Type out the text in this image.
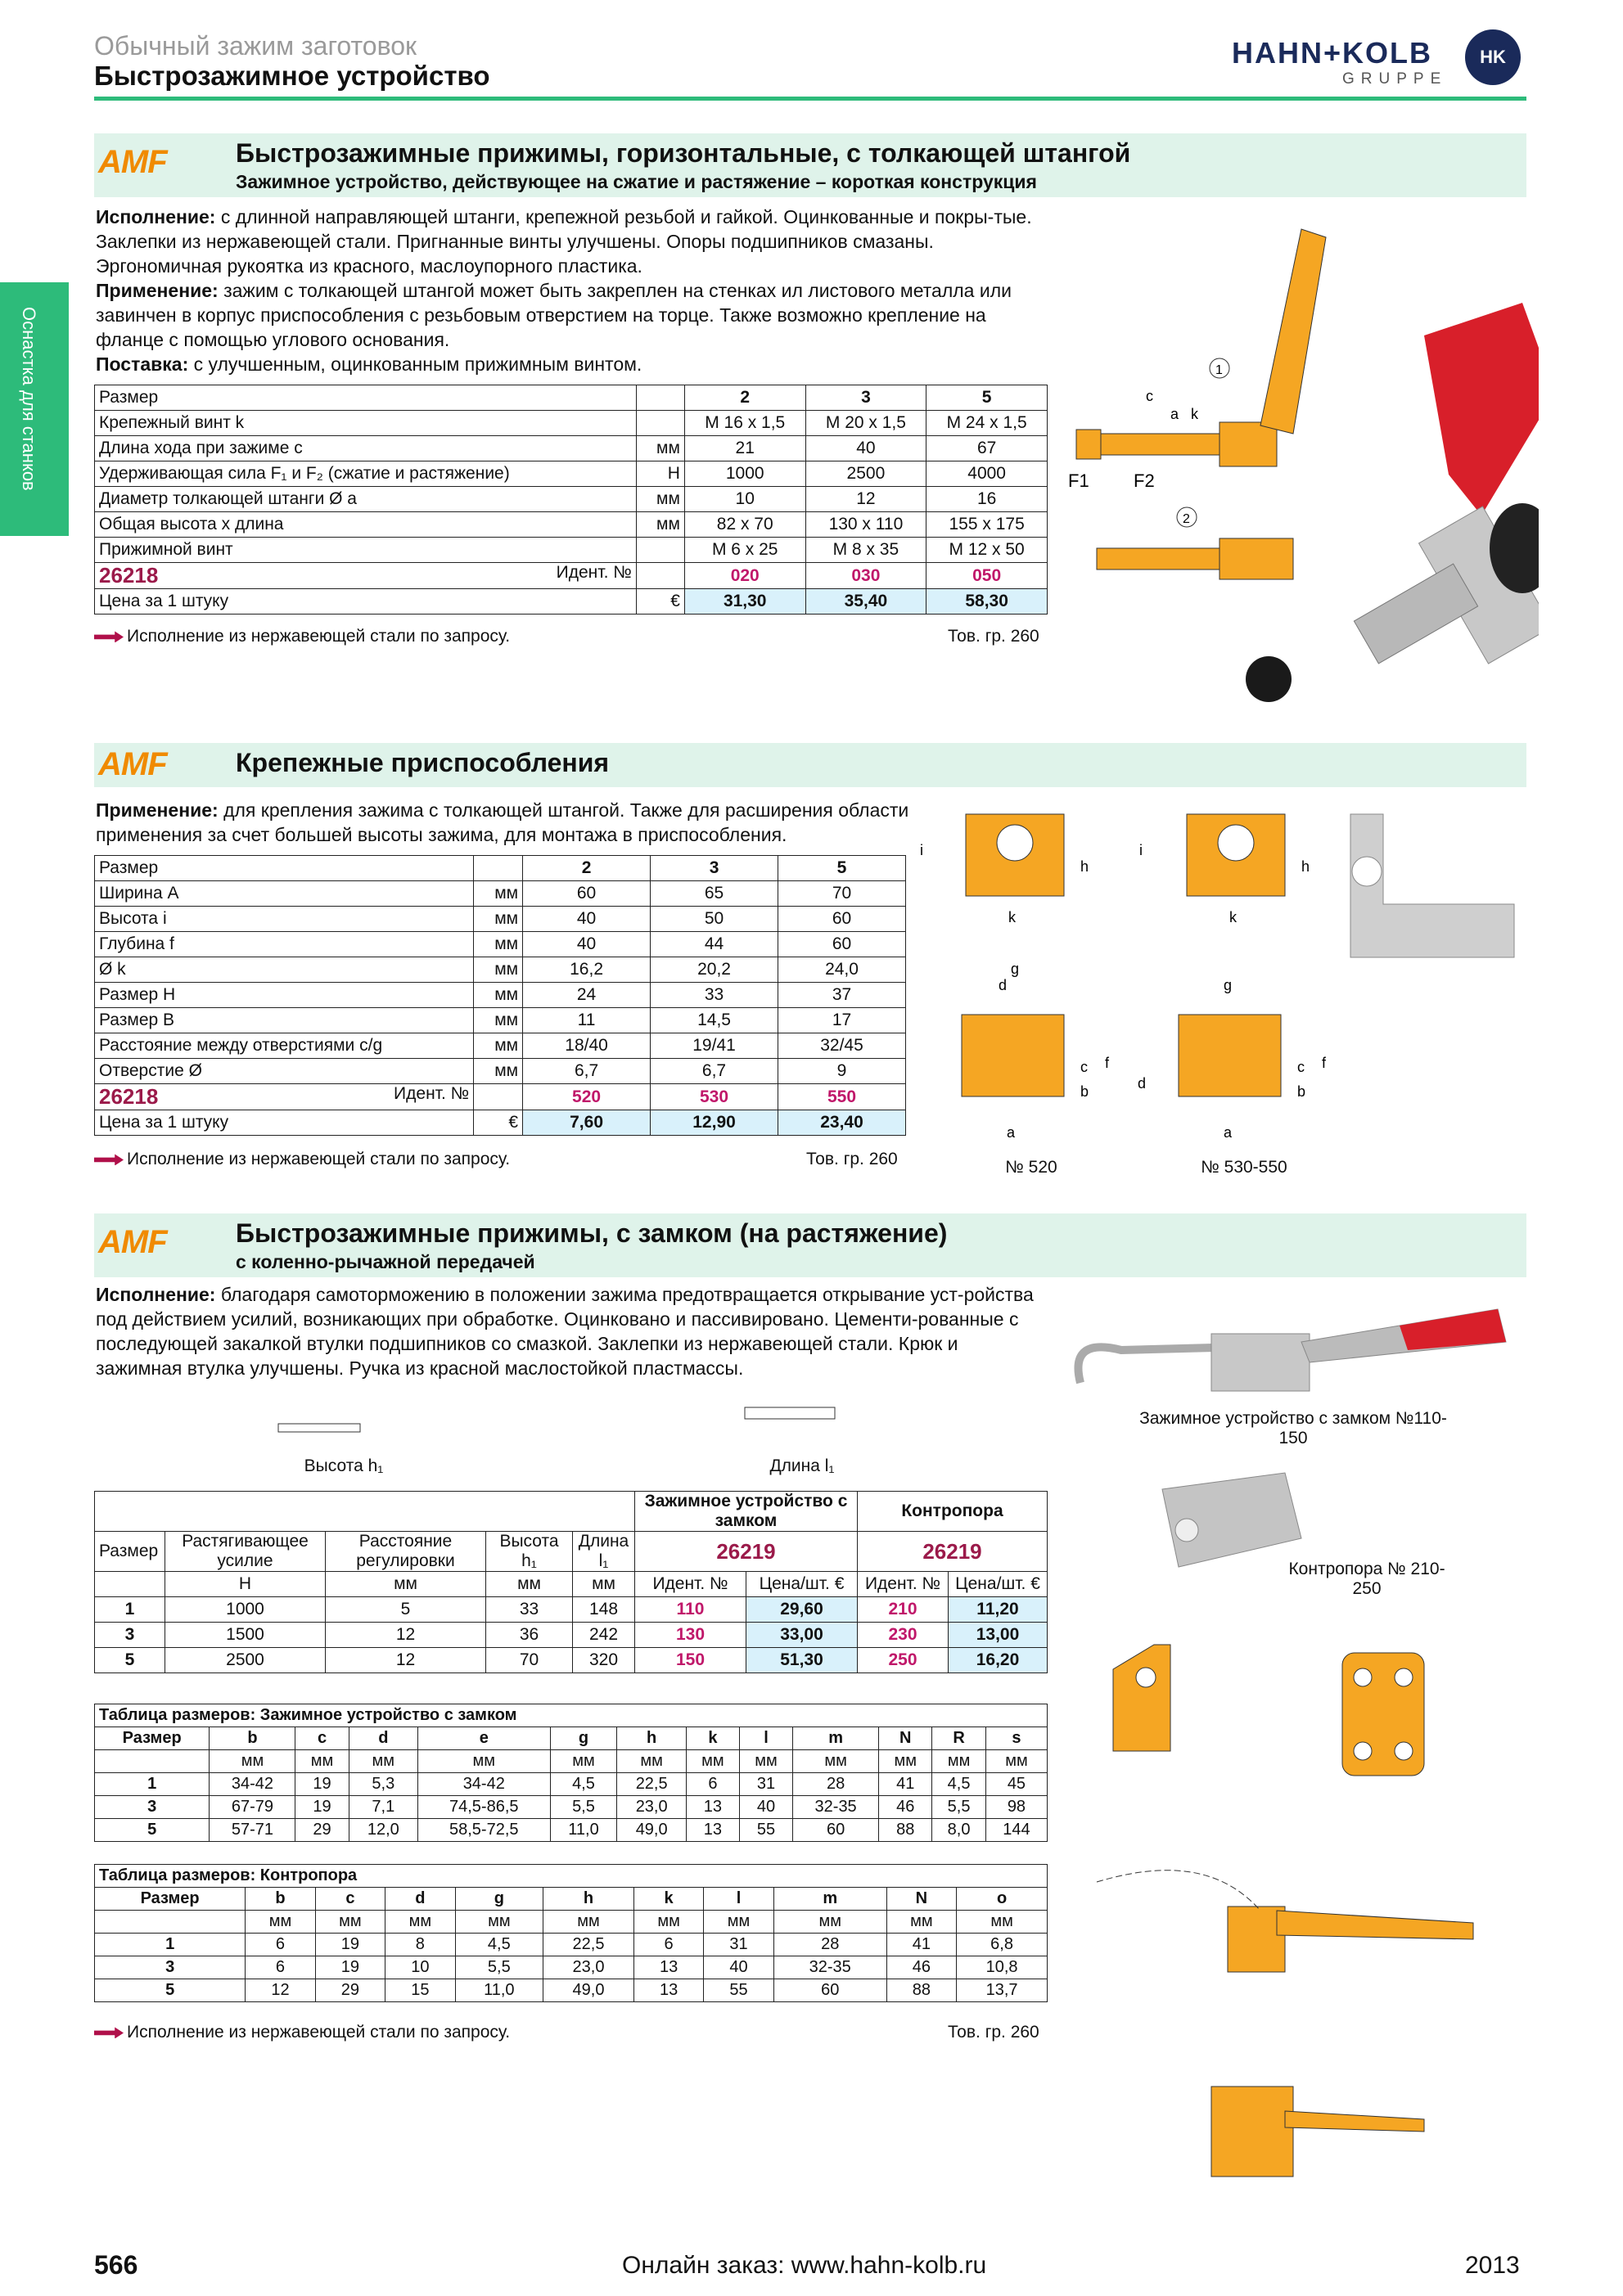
Обычный зажим заготовок
Быстрозажимное устройство
HAHN+KOLB
GRUPPE
HK
Оснастка для станков
AMF	Быстрозажимные прижимы, горизонтальные, с толкающей штангой
Зажимное устройство, действующее на сжатие и растяжение – короткая конструкция

Исполнение: с длинной направляющей штанги, крепежной резьбой и гайкой. Оцинкованные и покры-тые. Заклепки из нержавеющей стали. Пригнанные винты улучшены. Опоры подшипников смазаны. Эргономичная рукоятка из красного, маслоупорного пластика.

Применение: зажим с толкающей штангой может быть закреплен на стенках ил листового металла или завинчен в корпус приспособления с резьбовым отверстием на торце. Также возможно крепление на фланце с помощью углового основания.

Поставка: с улучшенным, оцинкованным прижимным винтом.

Размер		2	3	5
Крепежный винт k		M 16 x 1,5	M 20 x 1,5	M 24 x 1,5
Длина хода при зажиме c	мм	21	40	67
Удерживающая сила F₁ и F₂ (сжатие и растяжение)	Н	1000	2500	4000
Диаметр толкающей штанги Ø a	мм	10	12	16
Общая высота x длина	мм	82 x 70	130 x 110	155 x 175
Прижимной винт		M 6 x 25	M 8 x 35	M 12 x 50
26218 Идент. №		020	030	050
Цена за 1 штуку	€	31,30	35,40	58,30
Исполнение из нержавеющей стали по запросу.	Тов. гр. 260
1
2
F1 F2
a k
c
AMF	Крепежные приспособления

Применение: для крепления зажима с толкающей штангой. Также для расширения области применения за счет большей высоты зажима, для монтажа в приспособления.

Размер		2	3	5
Ширина A	мм	60	65	70
Высота i	мм	40	50	60
Глубина f	мм	40	44	60
Ø k	мм	16,2	20,2	24,0
Размер H	мм	24	33	37
Размер B	мм	11	14,5	17
Расстояние между отверстиями c/g	мм	18/40	19/41	32/45
Отверстие Ø	мм	6,7	6,7	9
26218 Идент. №		520	530	550
Цена за 1 штуку	€	7,60	12,90	23,40
Исполнение из нержавеющей стали по запросу.	Тов. гр. 260
i
h
k
i
h
k
g
d
c f
b
a
g
d
c f
b
a
№ 520	№ 530-550
AMF	Быстрозажимные прижимы, с замком (на растяжение)
с коленно-рычажной передачей

Исполнение: благодаря самоторможению в положении зажима предотвращается открывание уст-ройства под действием усилий, возникающих при обработке. Оцинковано и пассивировано. Цементи-рованные с последующей закалкой втулки подшипников со смазкой. Заклепки из нержавеющей стали. Крюк и зажимная втулка улучшены. Ручка из красной маслостойкой пластмассы.

Высота h₁	Длина l₁
Зажимное устройство с замком №110-150
					Зажимное устройство с замком		Контропора	
Размер	Растягивающее усилие	Расстояние регулировки	Высота h₁	Длина l₁	26219		26219	
	Н	мм	мм	мм	Идент. №	Цена/шт. €	Идент. №	Цена/шт. €
1	1000	5	33	148	110	29,60	210	11,20
3	1500	12	36	242	130	33,00	230	13,00
5	2500	12	70	320	150	51,30	250	16,20
Таблица размеров: Зажимное устройство с замком												
Размер	b	c	d	e	g	h	k	l	m	N	R	s
	мм	мм	мм	мм	мм	мм	мм	мм	мм	мм	мм	мм
1	34-42	19	5,3	34-42	4,5	22,5	6	31	28	41	4,5	45
3	67-79	19	7,1	74,5-86,5	5,5	23,0	13	40	32-35	46	5,5	98
5	57-71	29	12,0	58,5-72,5	11,0	49,0	13	55	60	88	8,0	144
Таблица размеров: Контропора										
Размер	b	c	d	g	h	k	l	m	N	o
	мм	мм	мм	мм	мм	мм	мм	мм	мм	мм
1	6	19	8	4,5	22,5	6	31	28	41	6,8
3	6	19	10	5,5	23,0	13	40	32-35	46	10,8
5	12	29	15	11,0	49,0	13	55	60	88	13,7
Исполнение из нержавеющей стали по запросу.	Тов. гр. 260
Контропора № 210-250
566	Онлайн заказ: www.hahn-kolb.ru	2013
